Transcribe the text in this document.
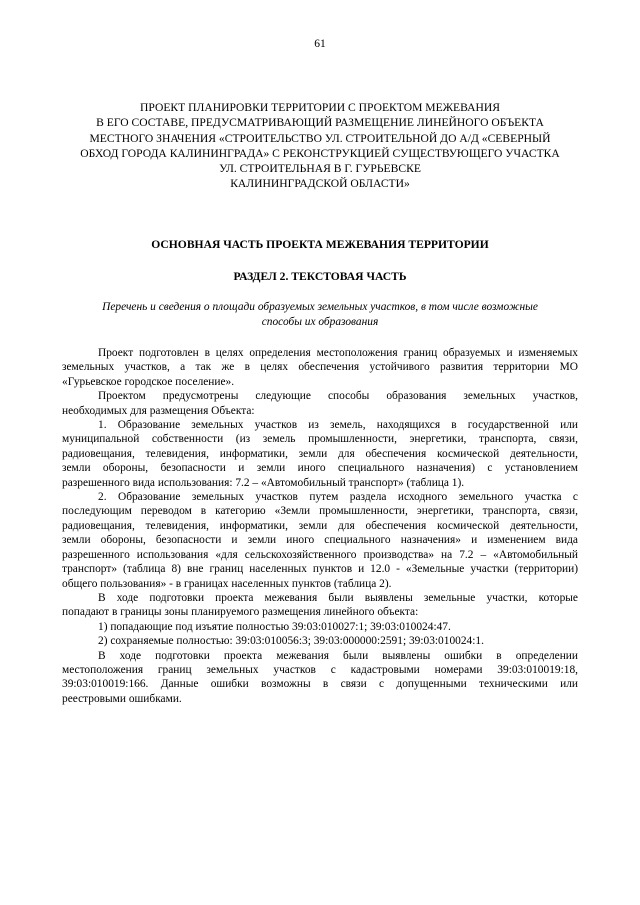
61
ПРОЕКТ ПЛАНИРОВКИ ТЕРРИТОРИИ С ПРОЕКТОМ МЕЖЕВАНИЯ
В ЕГО СОСТАВЕ, ПРЕДУСМАТРИВАЮЩИЙ РАЗМЕЩЕНИЕ ЛИНЕЙНОГО ОБЪЕКТА
МЕСТНОГО ЗНАЧЕНИЯ «СТРОИТЕЛЬСТВО УЛ. СТРОИТЕЛЬНОЙ ДО А/Д «СЕВЕРНЫЙ
ОБХОД ГОРОДА КАЛИНИНГРАДА» С РЕКОНСТРУКЦИЕЙ СУЩЕСТВУЮЩЕГО УЧАСТКА
УЛ. СТРОИТЕЛЬНАЯ В Г. ГУРЬЕВСКЕ
КАЛИНИНГРАДСКОЙ ОБЛАСТИ»
ОСНОВНАЯ ЧАСТЬ ПРОЕКТА МЕЖЕВАНИЯ ТЕРРИТОРИИ
РАЗДЕЛ 2. ТЕКСТОВАЯ ЧАСТЬ
Перечень и сведения о площади образуемых земельных участков, в том числе возможные
способы их образования

Проект подготовлен в целях определения местоположения границ образуемых и изменяемых
земельных участков, а так же в целях обеспечения устойчивого развития территории МО
«Гурьевское городское поселение».

Проектом предусмотрены следующие способы образования земельных участков,
необходимых для размещения Объекта:

1. Образование земельных участков из земель, находящихся в государственной или
муниципальной собственности (из земель промышленности, энергетики, транспорта, связи,
радиовещания, телевидения, информатики, земли для обеспечения космической деятельности,
земли обороны, безопасности и земли иного специального назначения) с установлением
разрешенного вида использования: 7.2 – «Автомобильный транспорт» (таблица 1).

2. Образование земельных участков путем раздела исходного земельного участка с
последующим переводом в категорию «Земли промышленности, энергетики, транспорта, связи,
радиовещания, телевидения, информатики, земли для обеспечения космической деятельности,
земли обороны, безопасности и земли иного специального назначения» и изменением вида
разрешенного использования «для сельскохозяйственного производства» на 7.2 – «Автомобильный
транспорт» (таблица 8) вне границ населенных пунктов и 12.0 - «Земельные участки (территории)
общего пользования» - в границах населенных пунктов (таблица 2).

В ходе подготовки проекта межевания были выявлены земельные участки, которые
попадают в границы зоны планируемого размещения линейного объекта:

1) попадающие под изъятие полностью 39:03:010027:1; 39:03:010024:47.

2) сохраняемые полностью: 39:03:010056:3; 39:03:000000:2591; 39:03:010024:1.

В ходе подготовки проекта межевания были выявлены ошибки в определении
местоположения границ земельных участков с кадастровыми номерами 39:03:010019:18,
39:03:010019:166. Данные ошибки возможны в связи с допущенными техническими или
реестровыми ошибками.
